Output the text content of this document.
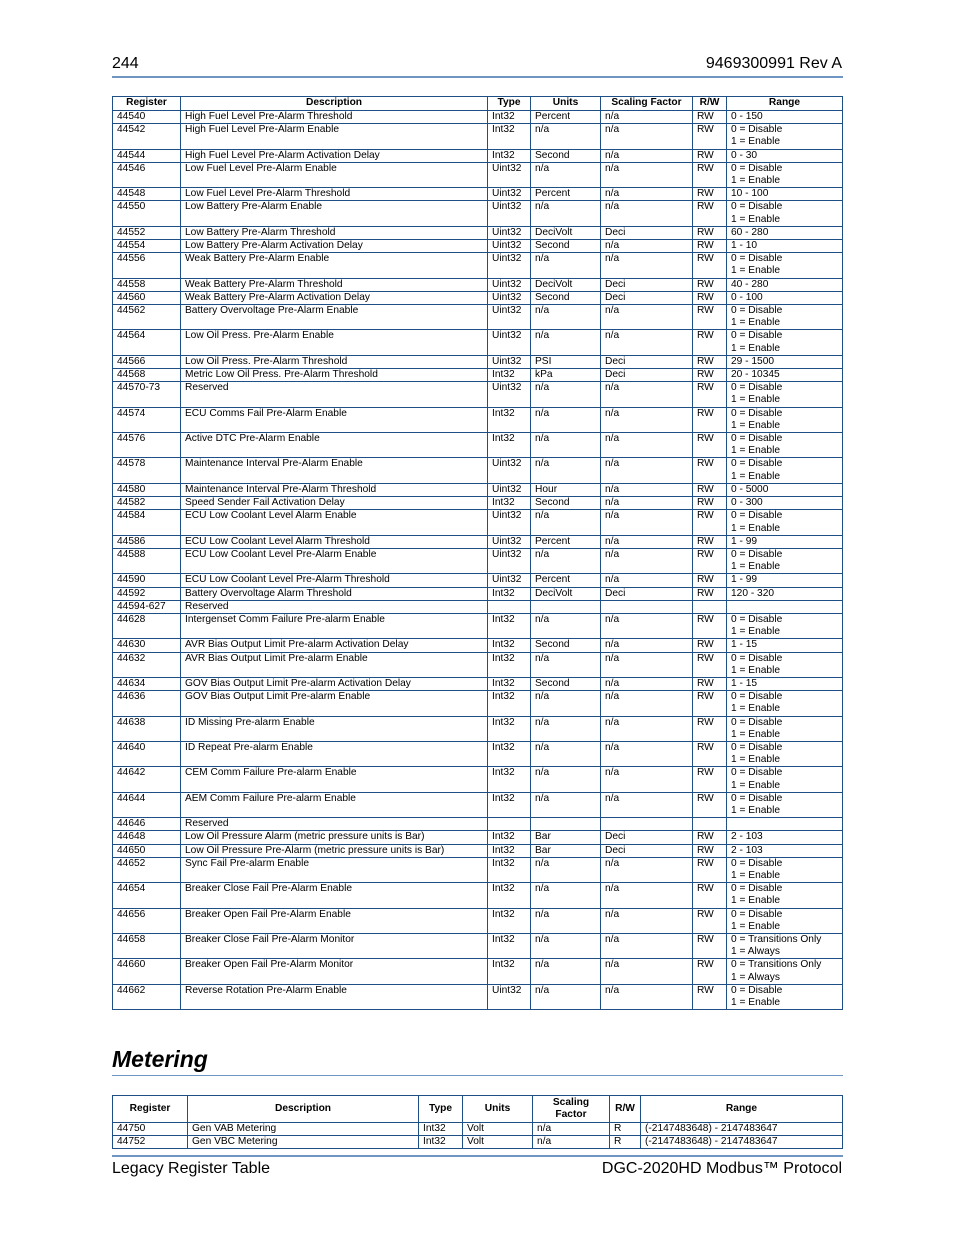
244	9469300991 Rev A
Register	Description	Type	Units	Scaling Factor	R/W	Range
44540	High Fuel Level Pre-Alarm Threshold	Int32	Percent	n/a	RW	0 - 150
44542	High Fuel Level Pre-Alarm Enable	Int32	n/a	n/a	RW	0 = Disable
1 = Enable
44544	High Fuel Level Pre-Alarm Activation Delay	Int32	Second	n/a	RW	0 - 30
44546	Low Fuel Level Pre-Alarm Enable	Uint32	n/a	n/a	RW	0 = Disable
1 = Enable
44548	Low Fuel Level Pre-Alarm Threshold	Uint32	Percent	n/a	RW	10 - 100
44550	Low Battery Pre-Alarm Enable	Uint32	n/a	n/a	RW	0 = Disable
1 = Enable
44552	Low Battery Pre-Alarm Threshold	Uint32	DeciVolt	Deci	RW	60 - 280
44554	Low Battery Pre-Alarm Activation Delay	Uint32	Second	n/a	RW	1 - 10
44556	Weak Battery Pre-Alarm Enable	Uint32	n/a	n/a	RW	0 = Disable
1 = Enable
44558	Weak Battery Pre-Alarm Threshold	Uint32	DeciVolt	Deci	RW	40 - 280
44560	Weak Battery Pre-Alarm Activation Delay	Uint32	Second	Deci	RW	0 - 100
44562	Battery Overvoltage Pre-Alarm Enable	Uint32	n/a	n/a	RW	0 = Disable
1 = Enable
44564	Low Oil Press. Pre-Alarm Enable	Uint32	n/a	n/a	RW	0 = Disable
1 = Enable
44566	Low Oil Press. Pre-Alarm Threshold	Uint32	PSI	Deci	RW	29 - 1500
44568	Metric Low Oil Press. Pre-Alarm Threshold	Int32	kPa	Deci	RW	20 - 10345
44570-73	Reserved	Uint32	n/a	n/a	RW	0 = Disable
1 = Enable
44574	ECU Comms Fail Pre-Alarm Enable	Int32	n/a	n/a	RW	0 = Disable
1 = Enable
44576	Active DTC Pre-Alarm Enable	Int32	n/a	n/a	RW	0 = Disable
1 = Enable
44578	Maintenance Interval Pre-Alarm Enable	Uint32	n/a	n/a	RW	0 = Disable
1 = Enable
44580	Maintenance Interval Pre-Alarm Threshold	Uint32	Hour	n/a	RW	0 - 5000
44582	Speed Sender Fail Activation Delay	Int32	Second	n/a	RW	0 - 300
44584	ECU Low Coolant Level Alarm Enable	Uint32	n/a	n/a	RW	0 = Disable
1 = Enable
44586	ECU Low Coolant Level Alarm Threshold	Uint32	Percent	n/a	RW	1 - 99
44588	ECU Low Coolant Level Pre-Alarm Enable	Uint32	n/a	n/a	RW	0 = Disable
1 = Enable
44590	ECU Low Coolant Level Pre-Alarm Threshold	Uint32	Percent	n/a	RW	1 - 99
44592	Battery Overvoltage Alarm Threshold	Int32	DeciVolt	Deci	RW	120 - 320
44594-627	Reserved					
44628	Intergenset Comm Failure Pre-alarm Enable	Int32	n/a	n/a	RW	0 = Disable
1 = Enable
44630	AVR Bias Output Limit Pre-alarm Activation Delay	Int32	Second	n/a	RW	1 - 15
44632	AVR Bias Output Limit Pre-alarm Enable	Int32	n/a	n/a	RW	0 = Disable
1 = Enable
44634	GOV Bias Output Limit Pre-alarm Activation Delay	Int32	Second	n/a	RW	1 - 15
44636	GOV Bias Output Limit Pre-alarm Enable	Int32	n/a	n/a	RW	0 = Disable
1 = Enable
44638	ID Missing Pre-alarm Enable	Int32	n/a	n/a	RW	0 = Disable
1 = Enable
44640	ID Repeat Pre-alarm Enable	Int32	n/a	n/a	RW	0 = Disable
1 = Enable
44642	CEM Comm Failure Pre-alarm Enable	Int32	n/a	n/a	RW	0 = Disable
1 = Enable
44644	AEM Comm Failure Pre-alarm Enable	Int32	n/a	n/a	RW	0 = Disable
1 = Enable
44646	Reserved					
44648	Low Oil Pressure Alarm (metric pressure units is Bar)	Int32	Bar	Deci	RW	2 - 103
44650	Low Oil Pressure Pre-Alarm (metric pressure units is Bar)	Int32	Bar	Deci	RW	2 - 103
44652	Sync Fail Pre-alarm Enable	Int32	n/a	n/a	RW	0 = Disable
1 = Enable
44654	Breaker Close Fail Pre-Alarm Enable	Int32	n/a	n/a	RW	0 = Disable
1 = Enable
44656	Breaker Open Fail Pre-Alarm Enable	Int32	n/a	n/a	RW	0 = Disable
1 = Enable
44658	Breaker Close Fail Pre-Alarm Monitor	Int32	n/a	n/a	RW	0 = Transitions Only
1 = Always
44660	Breaker Open Fail Pre-Alarm Monitor	Int32	n/a	n/a	RW	0 = Transitions Only
1 = Always
44662	Reverse Rotation Pre-Alarm Enable	Uint32	n/a	n/a	RW	0 = Disable
1 = Enable
Metering
Register	Description	Type	Units	Scaling
Factor	R/W	Range
44750	Gen VAB Metering	Int32	Volt	n/a	R	(-2147483648) - 2147483647
44752	Gen VBC Metering	Int32	Volt	n/a	R	(-2147483648) - 2147483647
Legacy Register Table	DGC-2020HD Modbus™ Protocol
